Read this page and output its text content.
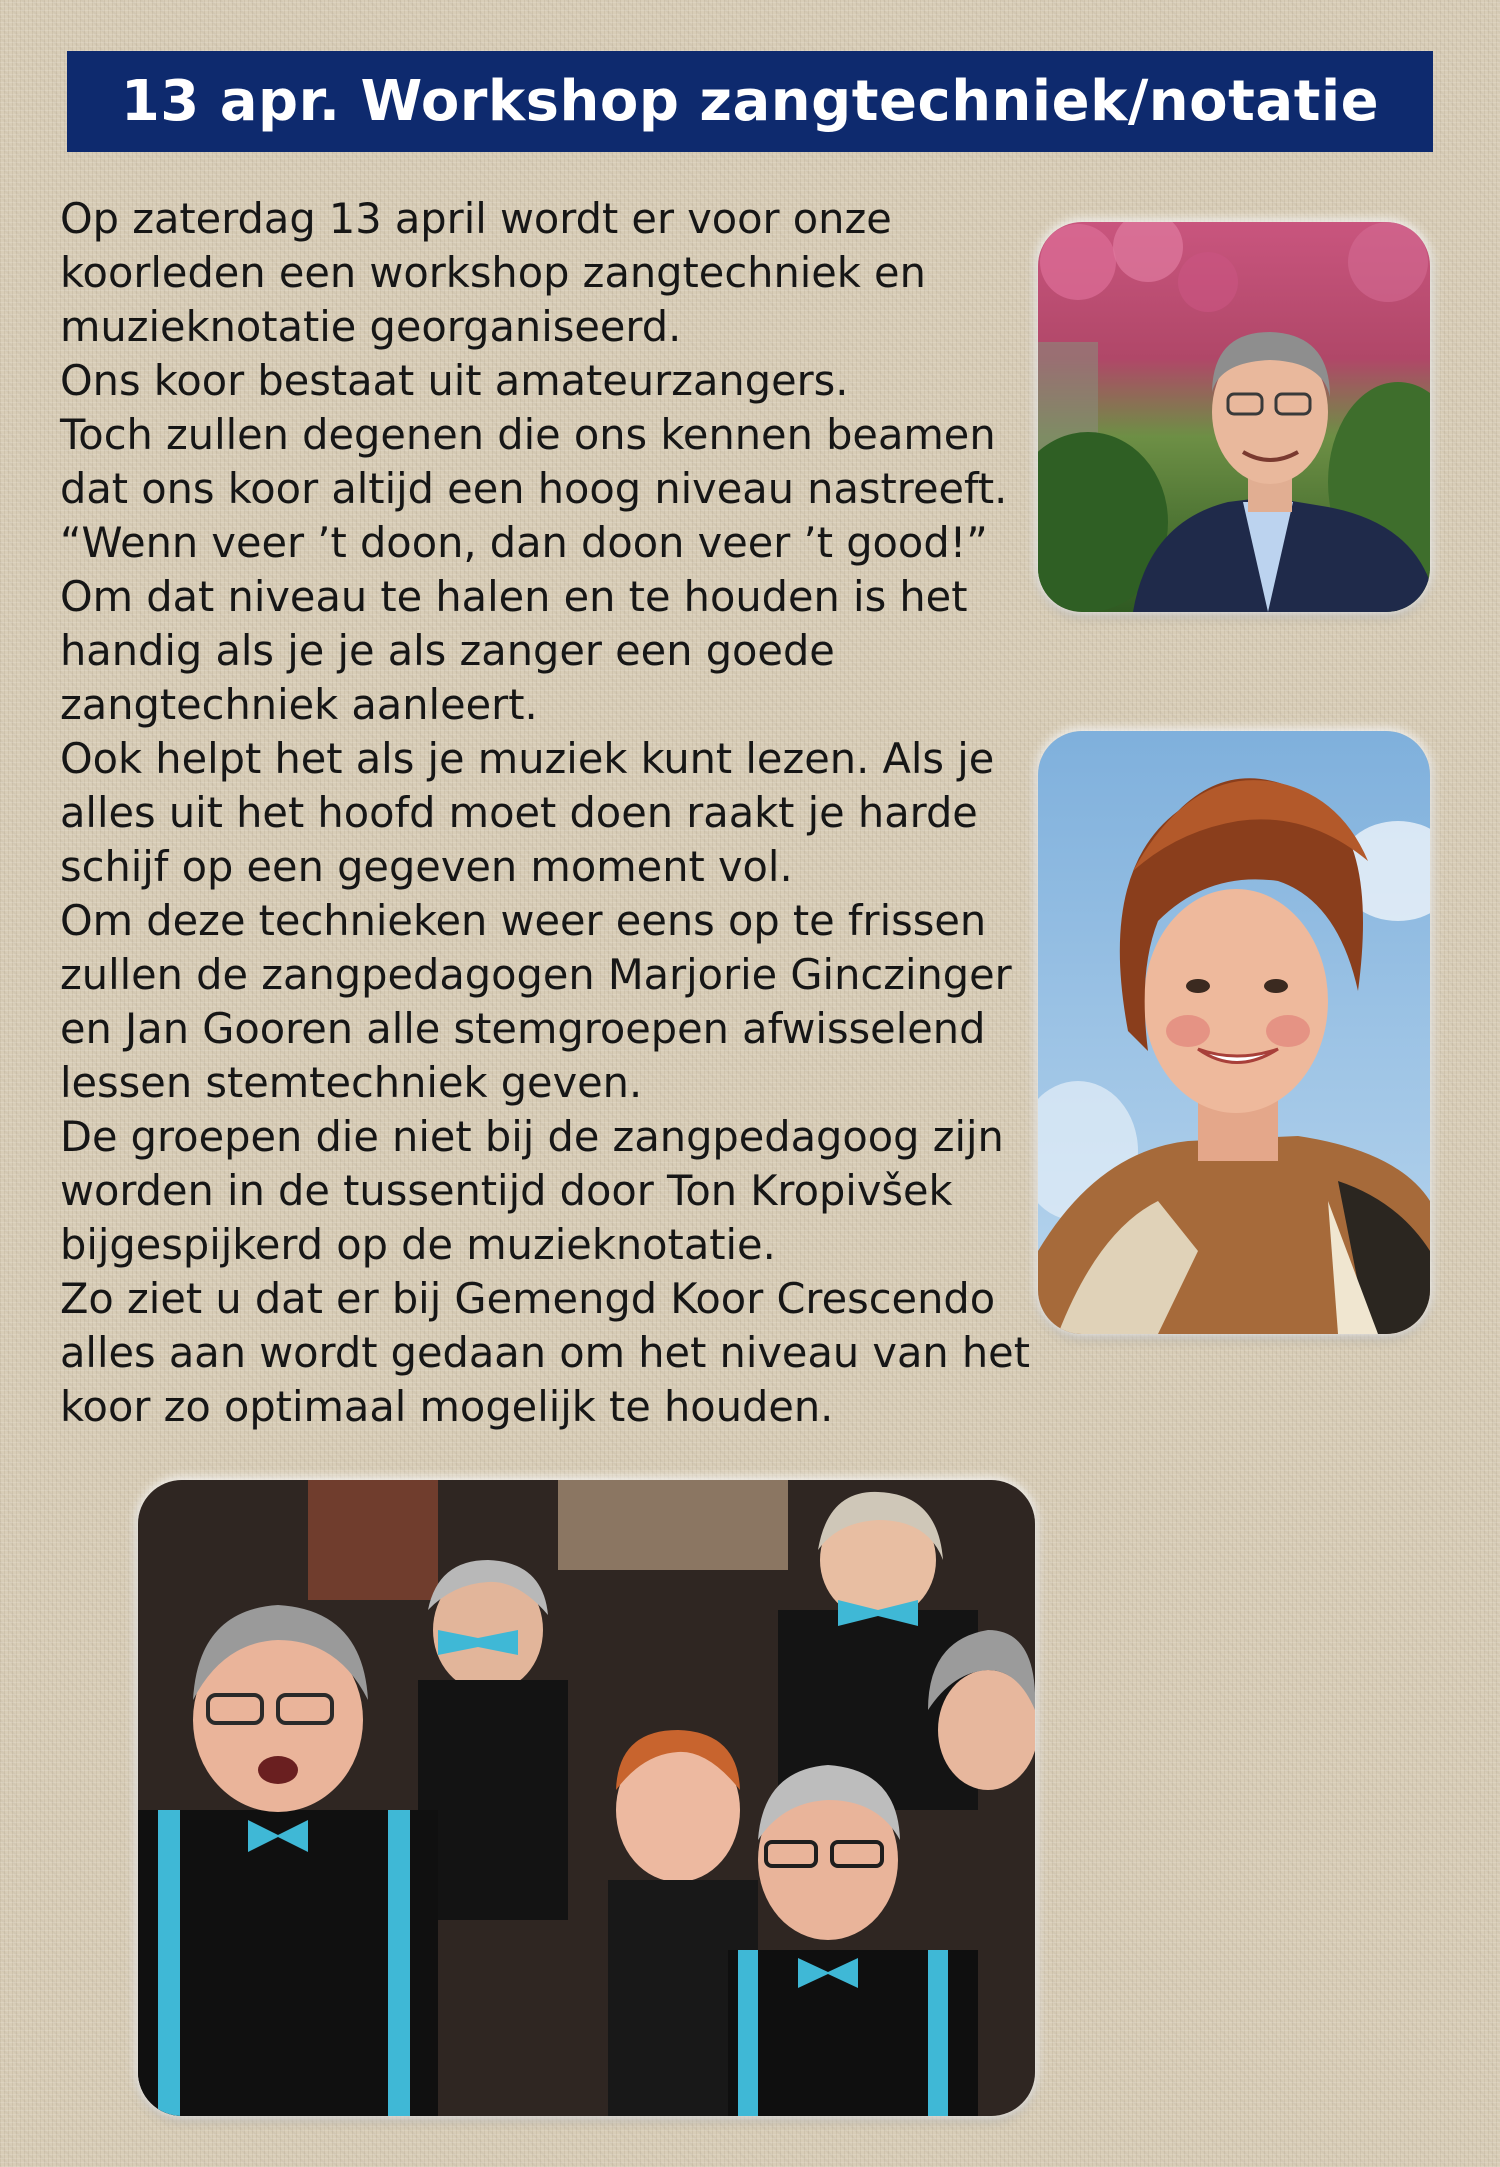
13 apr. Workshop zangtechniek/notatie
Op zaterdag 13 april wordt er voor onze
koorleden een workshop zangtechniek en
muzieknotatie georganiseerd.
Ons koor bestaat uit amateurzangers.
Toch zullen degenen die ons kennen beamen
dat ons koor altijd een hoog niveau nastreeft.
“Wenn veer ’t doon, dan doon veer ’t good!”
Om dat niveau te halen en te houden is het
handig als je je als zanger een goede
zangtechniek aanleert.
Ook helpt het als je muziek kunt lezen. Als je
alles uit het hoofd moet doen raakt je harde
schijf op een gegeven moment vol.
Om deze technieken weer eens op te frissen
zullen de zangpedagogen Marjorie Ginczinger
en Jan Gooren alle stemgroepen afwisselend
lessen stemtechniek geven.
De groepen die niet bij de zangpedagoog zijn
worden in de tussentijd door Ton Kropivšek
bijgespijkerd op de muzieknotatie.
Zo ziet u dat er bij Gemengd Koor Crescendo
alles aan wordt gedaan om het niveau van het
koor zo optimaal mogelijk te houden.
